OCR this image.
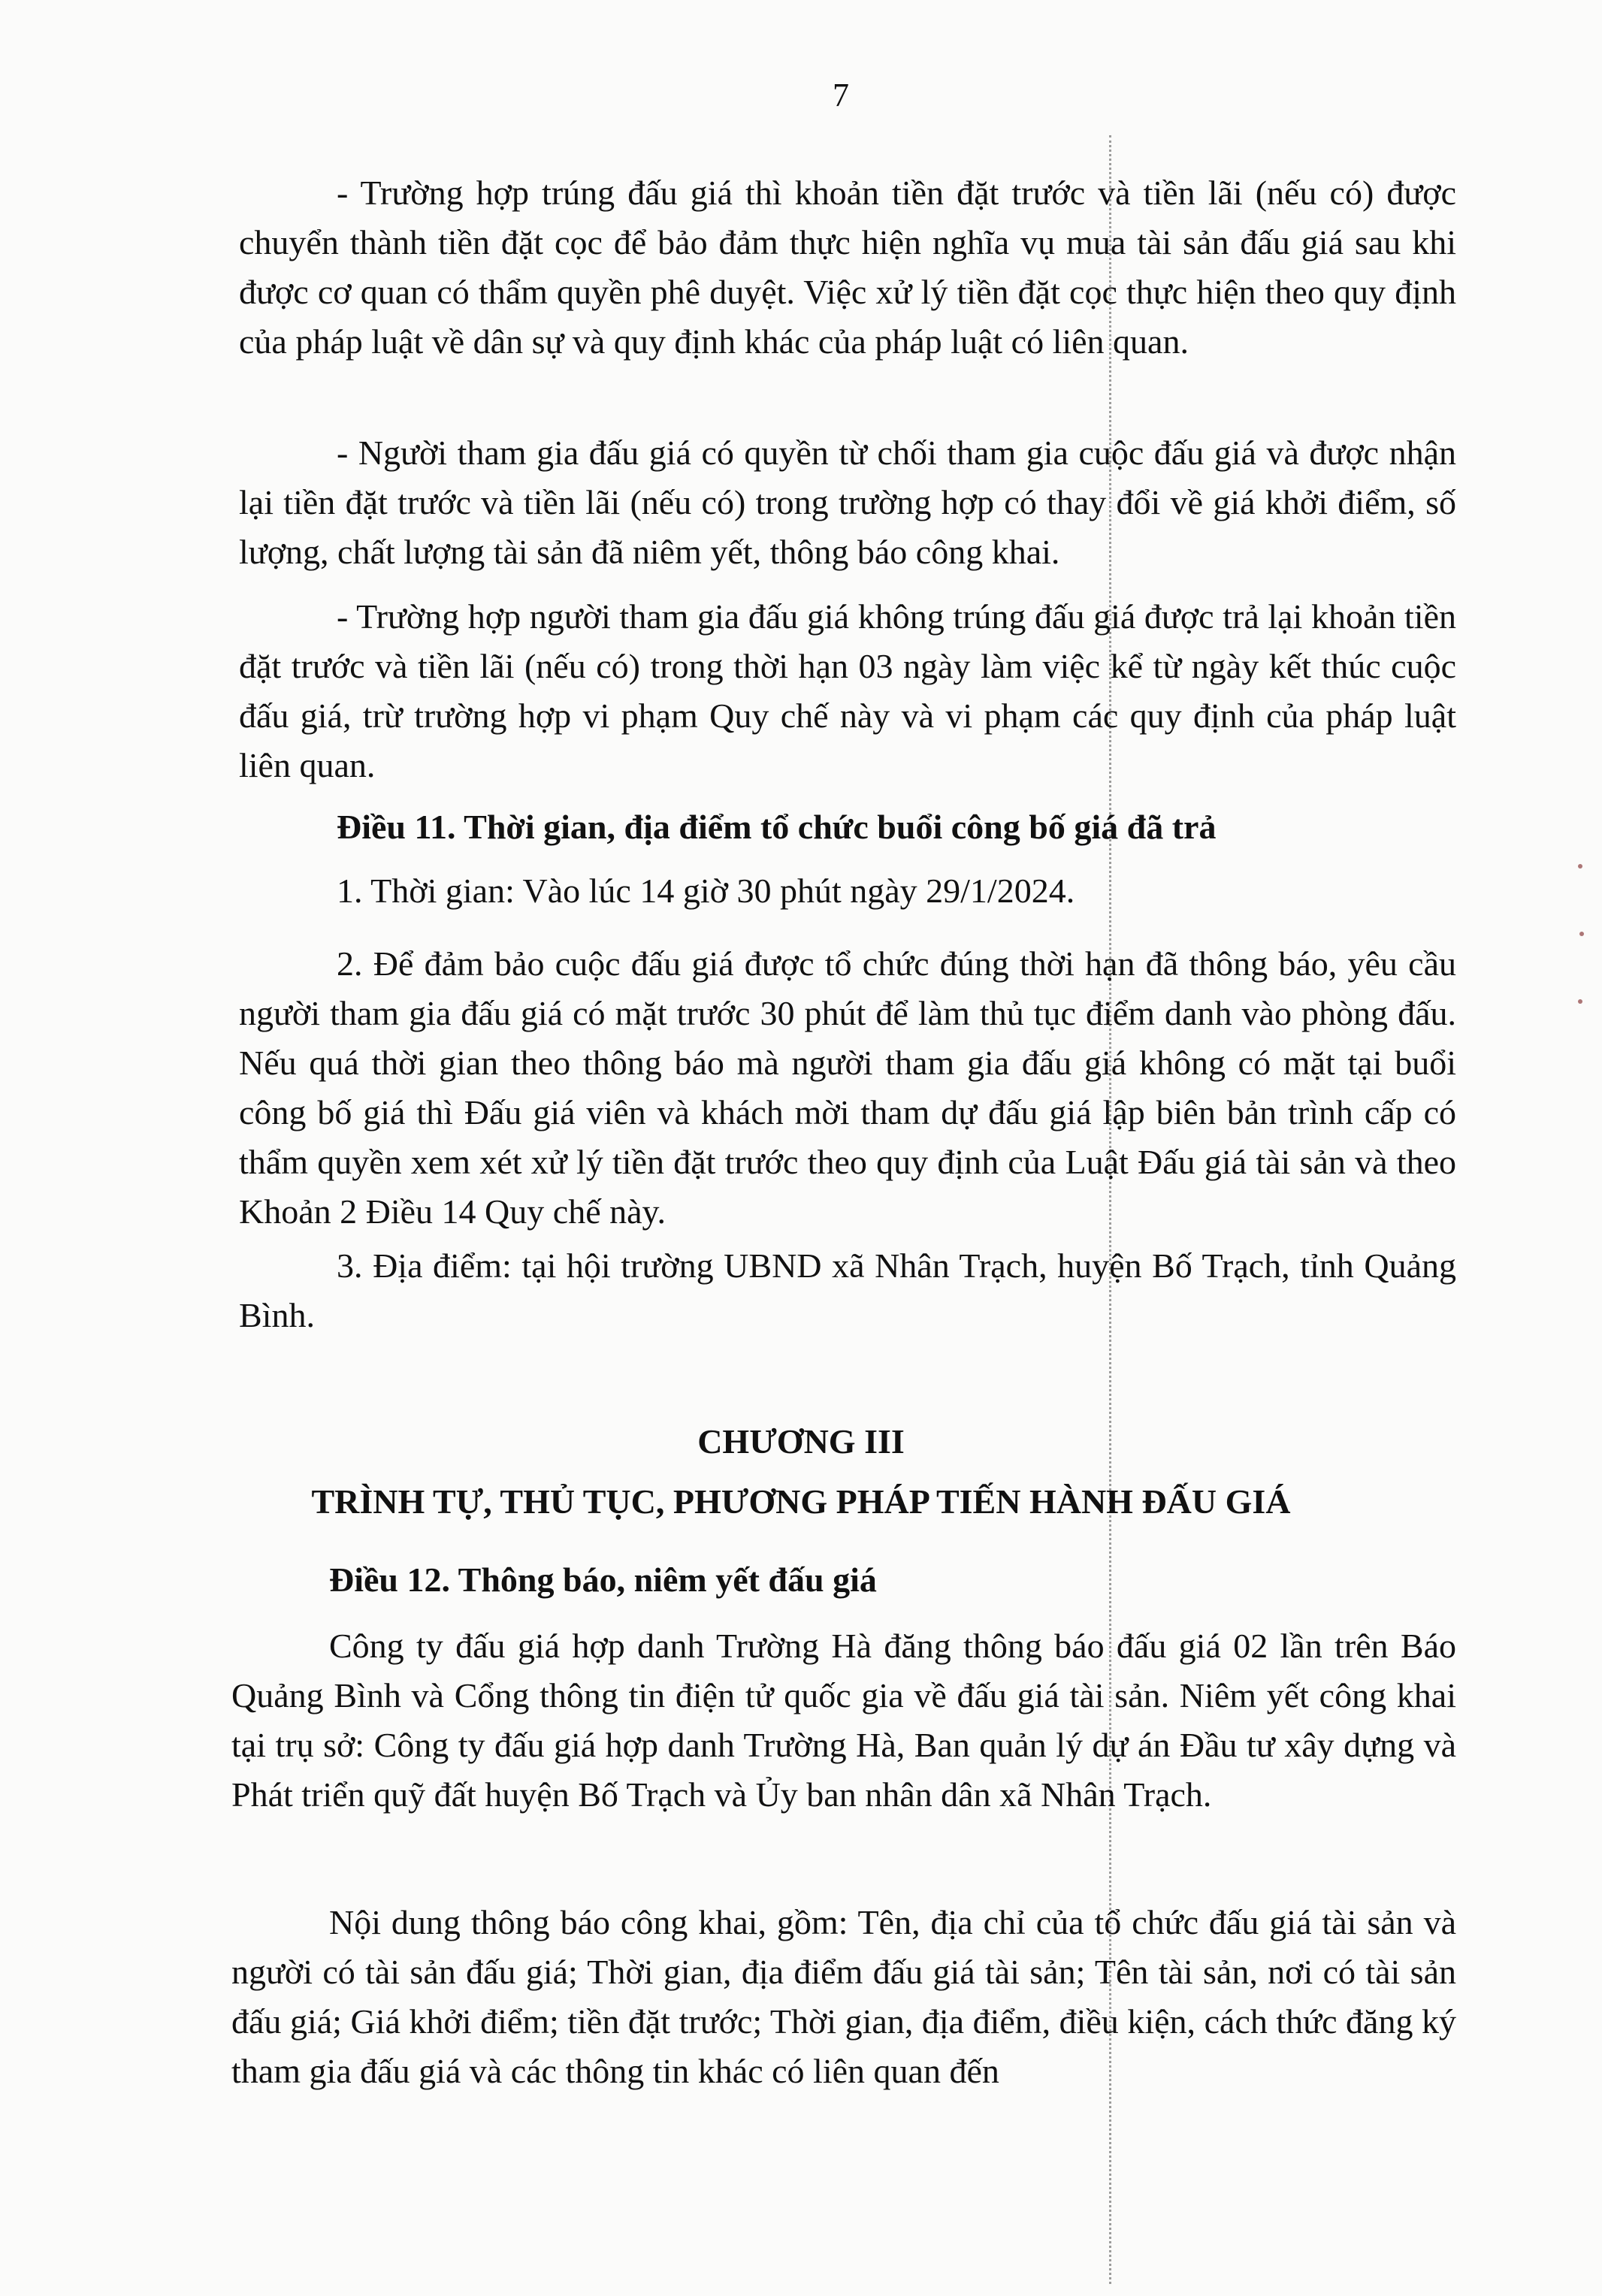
7

- Trường hợp trúng đấu giá thì khoản tiền đặt trước và tiền lãi (nếu có) được chuyển thành tiền đặt cọc để bảo đảm thực hiện nghĩa vụ mua tài sản đấu giá sau khi được cơ quan có thẩm quyền phê duyệt. Việc xử lý tiền đặt cọc thực hiện theo quy định của pháp luật về dân sự và quy định khác của pháp luật có liên quan.

- Người tham gia đấu giá có quyền từ chối tham gia cuộc đấu giá và được nhận lại tiền đặt trước và tiền lãi (nếu có) trong trường hợp có thay đổi về giá khởi điểm, số lượng, chất lượng tài sản đã niêm yết, thông báo công khai.

- Trường hợp người tham gia đấu giá không trúng đấu giá được trả lại khoản tiền đặt trước và tiền lãi (nếu có) trong thời hạn 03 ngày làm việc kể từ ngày kết thúc cuộc đấu giá, trừ trường hợp vi phạm Quy chế này và vi phạm các quy định của pháp luật liên quan.

Điều 11. Thời gian, địa điểm tổ chức buổi công bố giá đã trả

1. Thời gian: Vào lúc 14 giờ 30 phút ngày 29/1/2024.

2. Để đảm bảo cuộc đấu giá được tổ chức đúng thời hạn đã thông báo, yêu cầu người tham gia đấu giá có mặt trước 30 phút để làm thủ tục điểm danh vào phòng đấu. Nếu quá thời gian theo thông báo mà người tham gia đấu giá không có mặt tại buổi công bố giá thì Đấu giá viên và khách mời tham dự đấu giá lập biên bản trình cấp có thẩm quyền xem xét xử lý tiền đặt trước theo quy định của Luật Đấu giá tài sản và theo Khoản 2 Điều 14 Quy chế này.

3. Địa điểm: tại hội trường UBND xã Nhân Trạch, huyện Bố Trạch, tỉnh Quảng Bình.

CHƯƠNG III

TRÌNH TỰ, THỦ TỤC, PHƯƠNG PHÁP TIẾN HÀNH ĐẤU GIÁ

Điều 12. Thông báo, niêm yết đấu giá

Công ty đấu giá hợp danh Trường Hà đăng thông báo đấu giá 02 lần trên Báo Quảng Bình và Cổng thông tin điện tử quốc gia về đấu giá tài sản. Niêm yết công khai tại trụ sở: Công ty đấu giá hợp danh Trường Hà, Ban quản lý dự án Đầu tư xây dựng và Phát triển quỹ đất huyện Bố Trạch và Ủy ban nhân dân xã Nhân Trạch.

Nội dung thông báo công khai, gồm: Tên, địa chỉ của tổ chức đấu giá tài sản và người có tài sản đấu giá; Thời gian, địa điểm đấu giá tài sản; Tên tài sản, nơi có tài sản đấu giá; Giá khởi điểm; tiền đặt trước; Thời gian, địa điểm, điều kiện, cách thức đăng ký tham gia đấu giá và các thông tin khác có liên quan đến
